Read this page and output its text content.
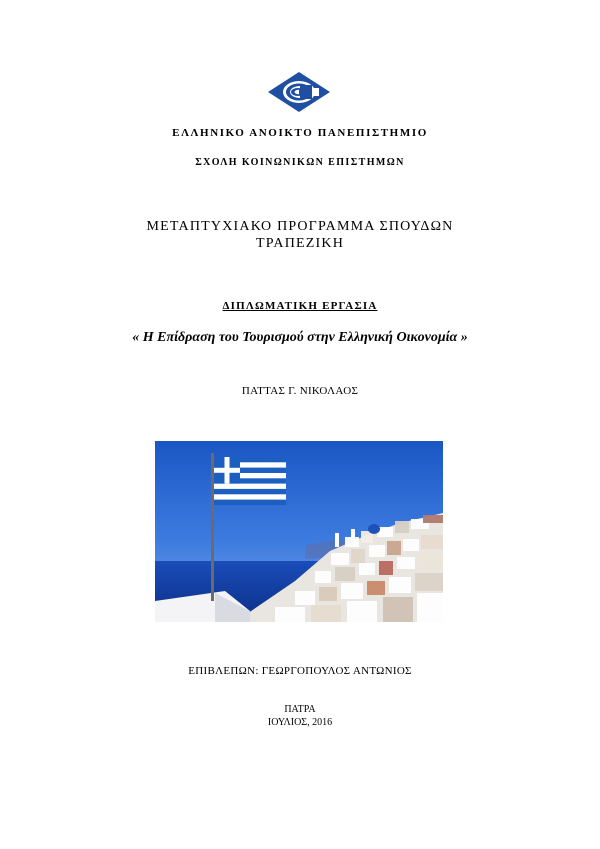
ΕΛΛΗΝΙΚΟ ΑΝΟΙΚΤΟ ΠΑΝΕΠΙΣΤΗΜΙΟ
ΣΧΟΛΗ ΚΟΙΝΩΝΙΚΩΝ ΕΠΙΣΤΗΜΩΝ
ΜΕΤΑΠΤΥΧΙΑΚΟ ΠΡΟΓΡΑΜΜΑ ΣΠΟΥΔΩΝ
ΤΡΑΠΕΖΙΚΗ
ΔΙΠΛΩΜΑΤΙΚΗ ΕΡΓΑΣΙΑ
« Η Επίδραση του Τουρισμού στην Ελληνική Οικονομία »
ΠΑΤΤΑΣ Γ. ΝΙΚΟΛΑΟΣ
ΕΠΙΒΛΕΠΩΝ: ΓΕΩΡΓΟΠΟΥΛΟΣ ΑΝΤΩΝΙΟΣ
ΠΑΤΡΑ
ΙΟΥΛΙΟΣ, 2016
